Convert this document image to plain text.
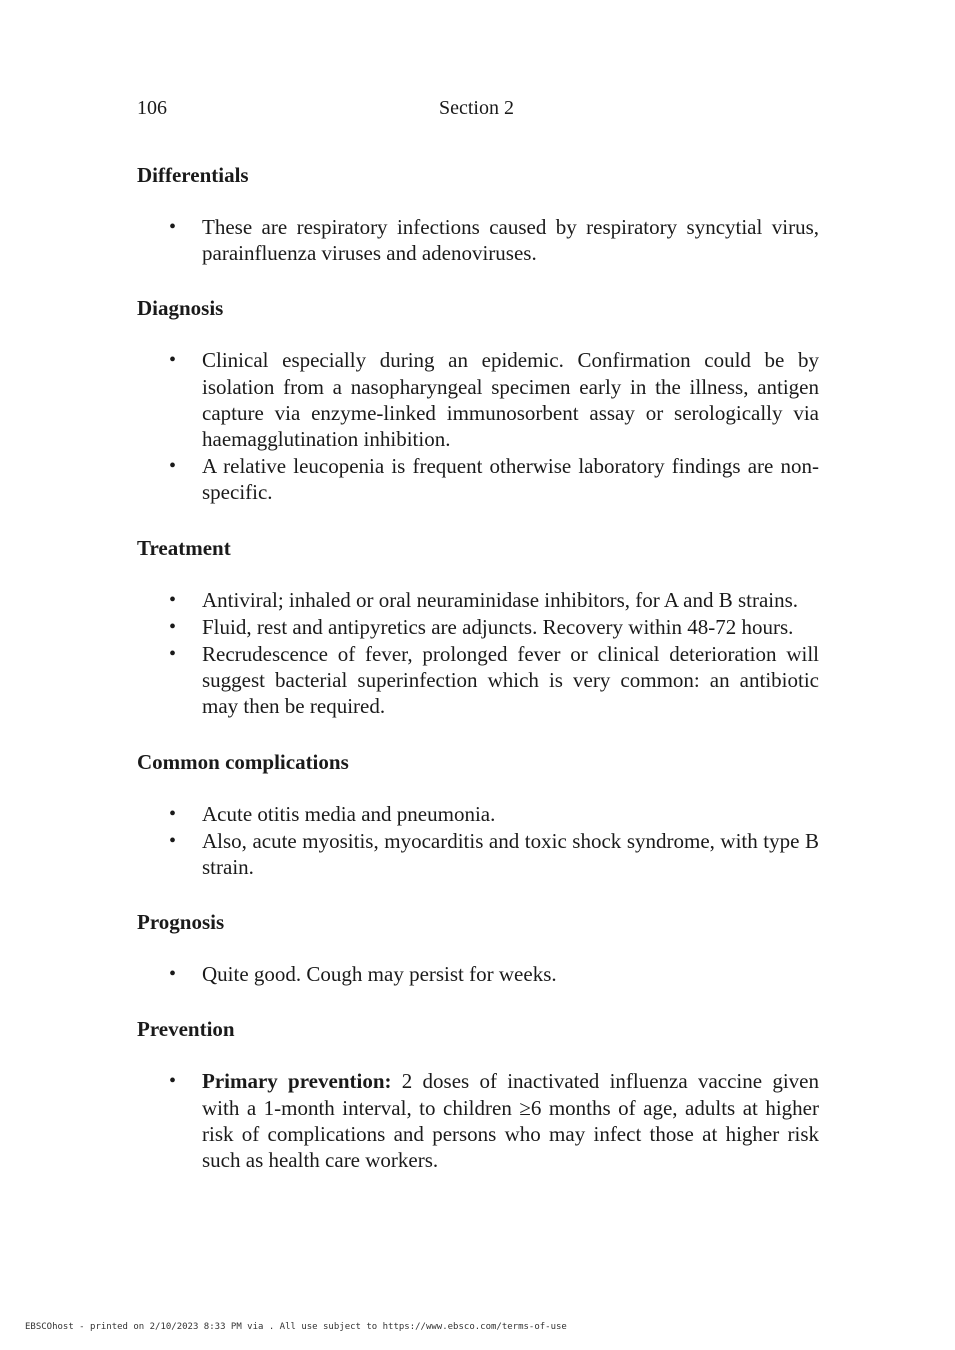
106	Section 2
Differentials
• These are respiratory infections caused by respiratory syncytial virus, parainfluenza viruses and adenoviruses.
Diagnosis
• Clinical especially during an epidemic. Confirmation could be by isolation from a nasopharyngeal specimen early in the illness, antigen capture via enzyme-linked immunosorbent assay or serologically via haemagglutination inhibition.
• A relative leucopenia is frequent otherwise laboratory findings are non-specific.
Treatment
• Antiviral; inhaled or oral neuraminidase inhibitors, for A and B strains.
• Fluid, rest and antipyretics are adjuncts. Recovery within 48-72 hours.
• Recrudescence of fever, prolonged fever or clinical deterioration will suggest bacterial superinfection which is very common: an antibiotic may then be required.
Common complications
• Acute otitis media and pneumonia.
• Also, acute myositis, myocarditis and toxic shock syndrome, with type B strain.
Prognosis
• Quite good. Cough may persist for weeks.
Prevention
• Primary prevention: 2 doses of inactivated influenza vaccine given with a 1-month interval, to children ≥6 months of age, adults at higher risk of complications and persons who may infect those at higher risk such as health care workers.
EBSCOhost - printed on 2/10/2023 8:33 PM via . All use subject to https://www.ebsco.com/terms-of-use
